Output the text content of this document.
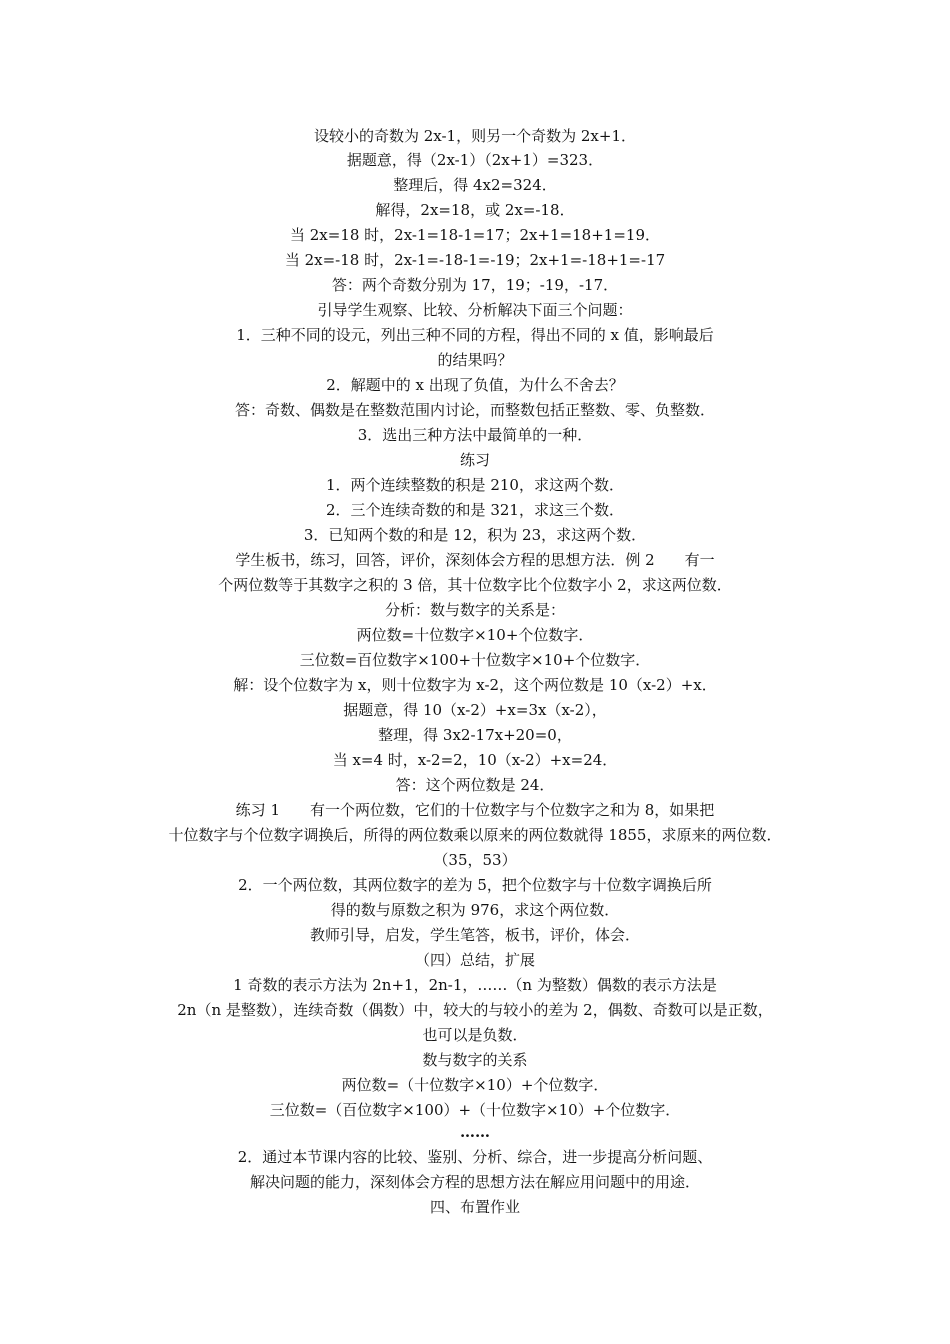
设较小的奇数为 2x-1，则另一个奇数为 2x+1．
据题意，得（2x-1）（2x+1）=323．
整理后，得 4x2=324．
解得，2x=18，或 2x=-18．
当 2x=18 时，2x-1=18-1=17；2x+1=18+1=19．
当 2x=-18 时，2x-1=-18-1=-19；2x+1=-18+1=-17
答：两个奇数分别为 17，19；-19，-17．
引导学生观察、比较、分析解决下面三个问题：
1．三种不同的设元，列出三种不同的方程，得出不同的 x 值，影响最后
的结果吗？
2．解题中的 x 出现了负值，为什么不舍去？
答：奇数、偶数是在整数范围内讨论，而整数包括正整数、零、负整数．
3．选出三种方法中最简单的一种．
练习
1．两个连续整数的积是 210，求这两个数．
2．三个连续奇数的和是 321，求这三个数．
3．已知两个数的和是 12，积为 23，求这两个数．
学生板书，练习，回答，评价，深刻体会方程的思想方法．例 2　　有一
个两位数等于其数字之积的 3 倍，其十位数字比个位数字小 2，求这两位数．
分析：数与数字的关系是：
两位数=十位数字×10+个位数字．
三位数=百位数字×100+十位数字×10+个位数字．
解：设个位数字为 x，则十位数字为 x-2，这个两位数是 10（x-2）+x．
据题意，得 10（x-2）+x=3x（x-2），
整理，得 3x2-17x+20=0，
当 x=4 时，x-2=2，10（x-2）+x=24．
答：这个两位数是 24．
练习 1　　有一个两位数，它们的十位数字与个位数字之和为 8，如果把
十位数字与个位数字调换后，所得的两位数乘以原来的两位数就得 1855，求原来的两位数．
（35，53）
2．一个两位数，其两位数字的差为 5，把个位数字与十位数字调换后所
得的数与原数之积为 976，求这个两位数．
教师引导，启发，学生笔答，板书，评价，体会．
（四）总结，扩展
1 奇数的表示方法为 2n+1，2n-1，……（n 为整数）偶数的表示方法是
2n（n 是整数），连续奇数（偶数）中，较大的与较小的差为 2，偶数、奇数可以是正数，
也可以是负数．
数与数字的关系
两位数=（十位数字×10）+个位数字．
三位数=（百位数字×100）+（十位数字×10）+个位数字．
……
2．通过本节课内容的比较、鉴别、分析、综合，进一步提高分析问题、
解决问题的能力，深刻体会方程的思想方法在解应用问题中的用途．
四、布置作业
